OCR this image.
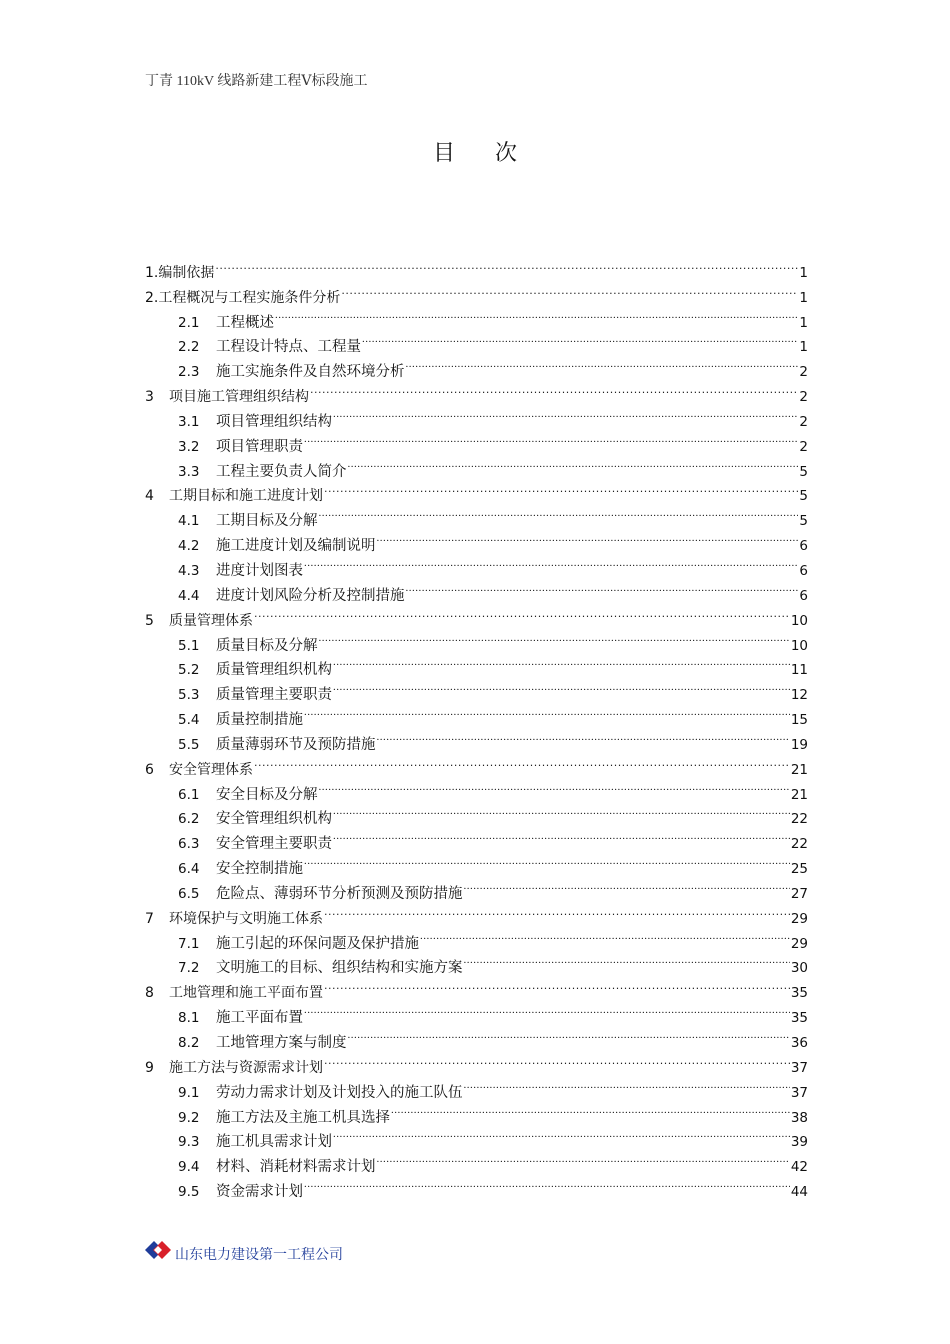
丁青 110kV 线路新建工程Ⅴ标段施工
目次
1. 编制依据 .....	1
2. 工程概况与工程实施条件分析 .....	1
2.1	工程概述 .....	1
2.2	工程设计特点、工程量 .....	1
2.3	施工实施条件及自然环境分析 .....	2
3	项目施工管理组织结构 .....	2
3.1	项目管理组织结构 .....	2
3.2	项目管理职责 .....	2
3.3	工程主要负责人简介 .....	5
4	工期目标和施工进度计划 .....	5
4.1	工期目标及分解 .....	5
4.2	施工进度计划及编制说明 .....	6
4.3	进度计划图表 .....	6
4.4	进度计划风险分析及控制措施 .....	6
5	质量管理体系 .....	10
5.1	质量目标及分解 .....	10
5.2	质量管理组织机构 .....	11
5.3	质量管理主要职责 .....	12
5.4	质量控制措施 .....	15
5.5	质量薄弱环节及预防措施 .....	19
6	安全管理体系 .....	21
6.1	安全目标及分解 .....	21
6.2	安全管理组织机构 .....	22
6.3	安全管理主要职责 .....	22
6.4	安全控制措施 .....	25
6.5	危险点、薄弱环节分析预测及预防措施 .....	27
7	环境保护与文明施工体系 .....	29
7.1	施工引起的环保问题及保护措施 .....	29
7.2	文明施工的目标、组织结构和实施方案 .....	30
8	工地管理和施工平面布置 .....	35
8.1	施工平面布置 .....	35
8.2	工地管理方案与制度 .....	36
9	施工方法与资源需求计划 .....	37
9.1	劳动力需求计划及计划投入的施工队伍 .....	37
9.2	施工方法及主施工机具选择 .....	38
9.3	施工机具需求计划 .....	39
9.4	材料、消耗材料需求计划 .....	42
9.5	资金需求计划 .....	44
山东电力建设第一工程公司
